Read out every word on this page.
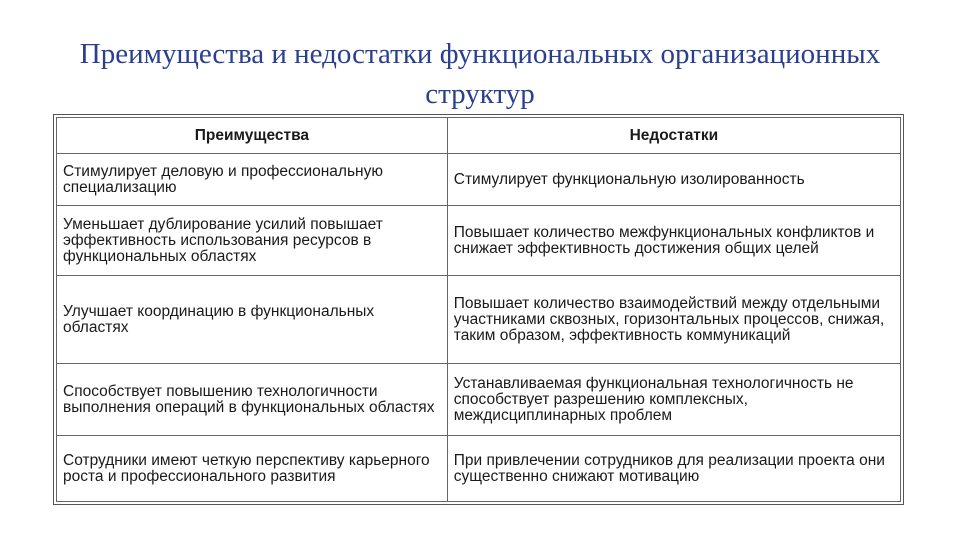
Преимущества и недостатки функциональных организационных
структур
Преимущества	Недостатки
Стимулирует деловую и профессиональную специализацию	Стимулирует функциональную изолированность
Уменьшает дублирование усилий повышает эффективность использования ресурсов в функциональных областях	Повышает количество межфункциональных конфликтов и снижает эффективность достижения общих целей
Улучшает координацию в функциональных областях	Повышает количество взаимодействий между отдельными участниками сквозных, горизонтальных процессов, снижая, таким образом, эффективность коммуникаций
Способствует повышению технологичности выполнения операций в функциональных областях	Устанавливаемая функциональная технологичность не способствует разрешению комплексных, междисциплинарных проблем
Сотрудники имеют четкую перспективу карьерного роста и профессионального развития	При привлечении сотрудников для реализации проекта они существенно снижают мотивацию
